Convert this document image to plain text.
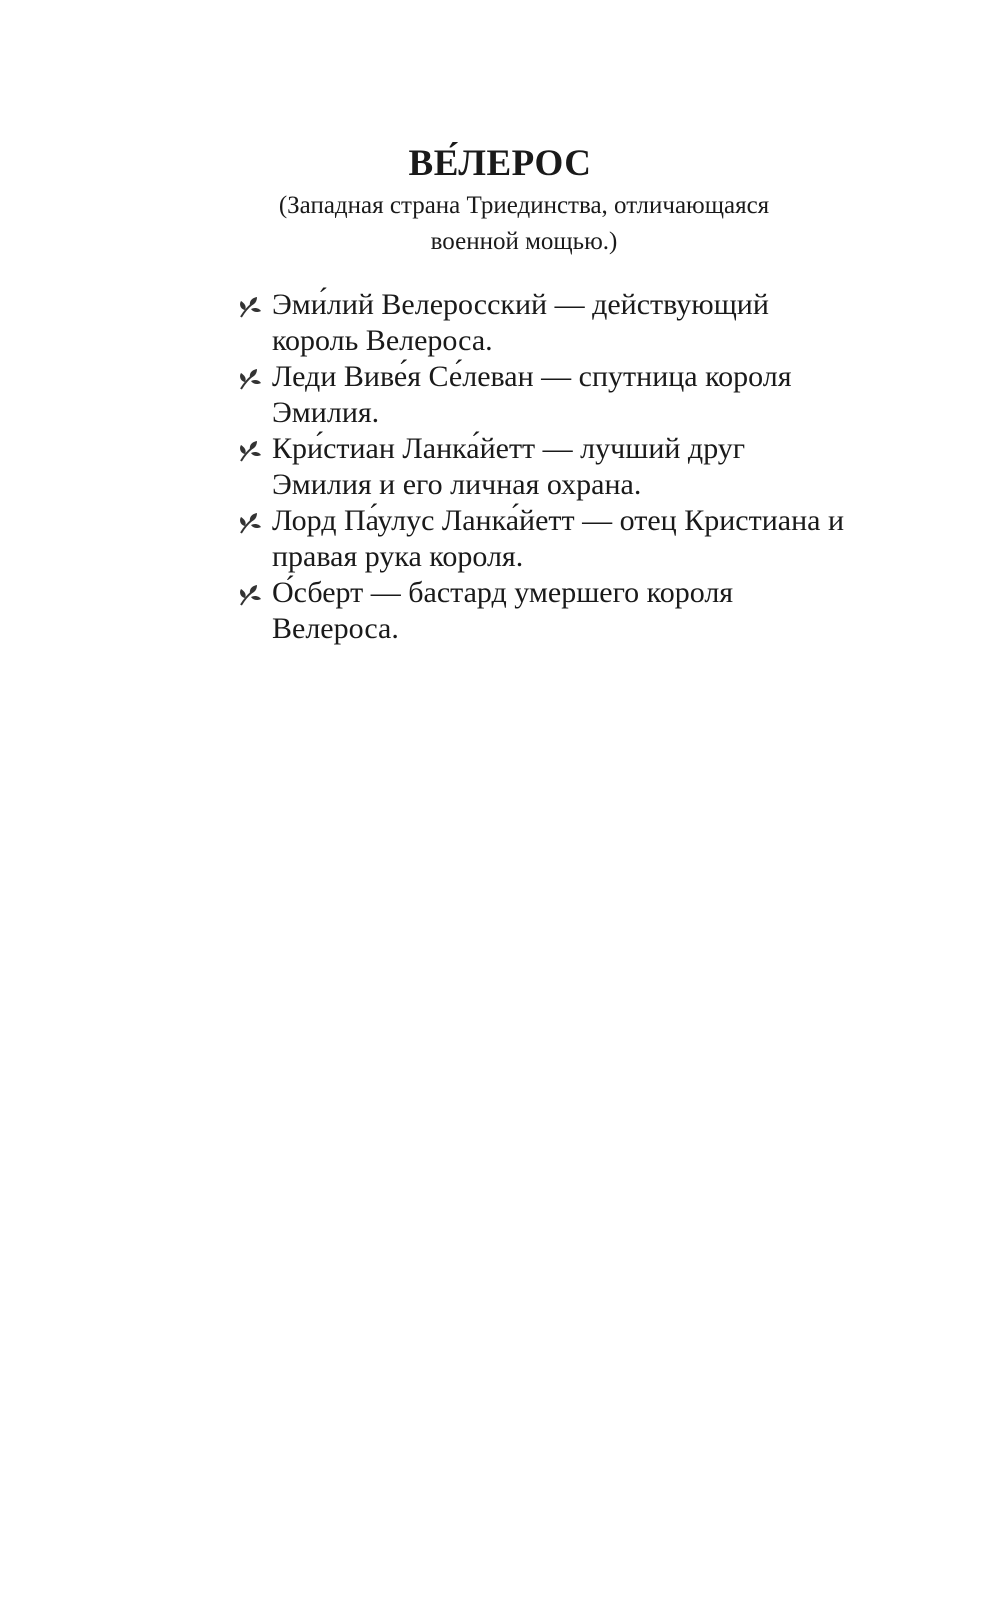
ВЕ́ЛЕРОС
(Западная страна Триединства, отличающаяся военной мощью.)
Эми́лий Велеросский — действующий король Велероса.
Леди Виве́я Се́леван — спутница короля Эмилия.
Кри́стиан Ланка́йетт — лучший друг Эмилия и его личная охрана.
Лорд Па́улус Ланка́йетт — отец Кристиана и правая рука короля.
О́сберт — бастард умершего короля Велероса.
